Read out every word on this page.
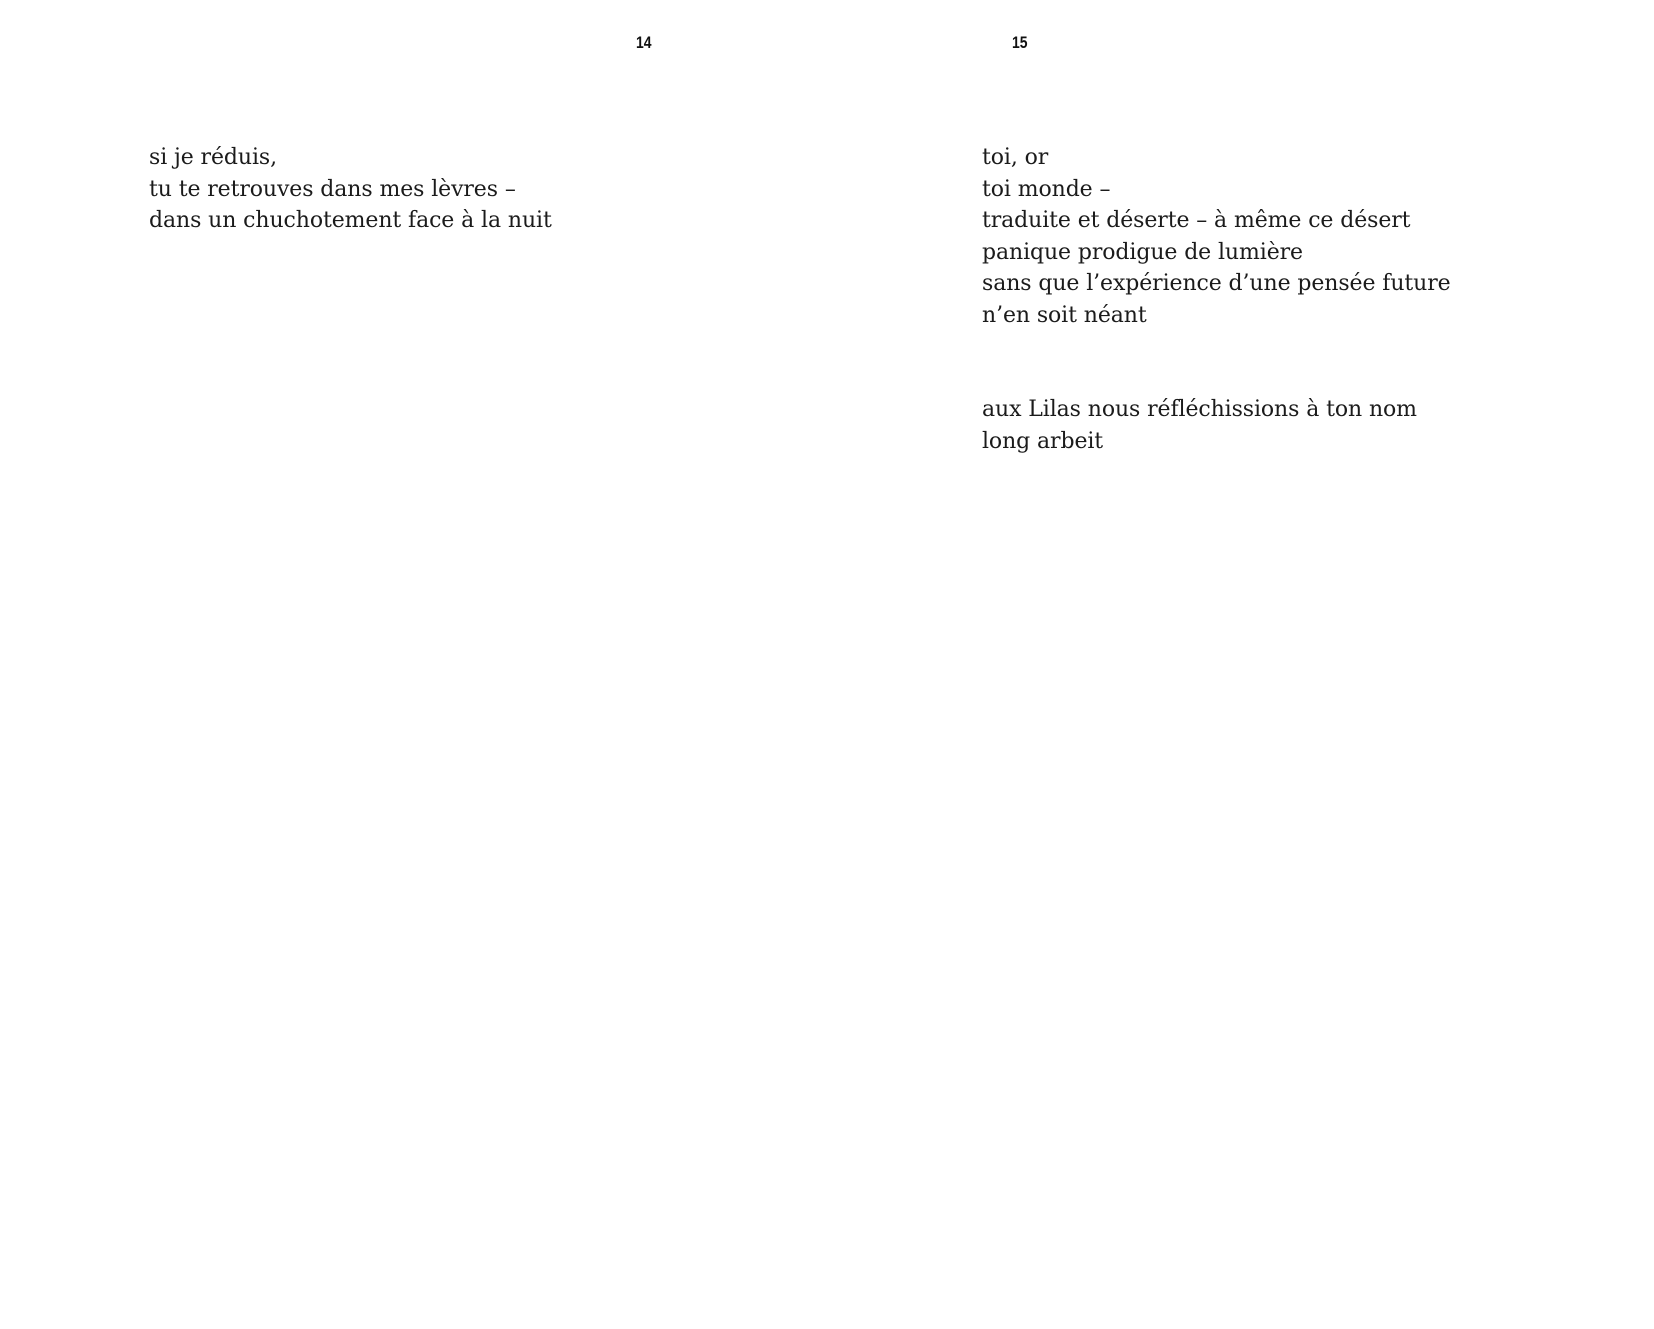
14
si je réduis,
tu te retrouves dans mes lèvres –
dans un chuchotement face à la nuit
15
toi, or
toi monde –
traduite et déserte – à même ce désert
panique prodigue de lumière
sans que l’expérience d’une pensée future
n’en soit néant
aux Lilas nous réfléchissions à ton nom
long arbeit
